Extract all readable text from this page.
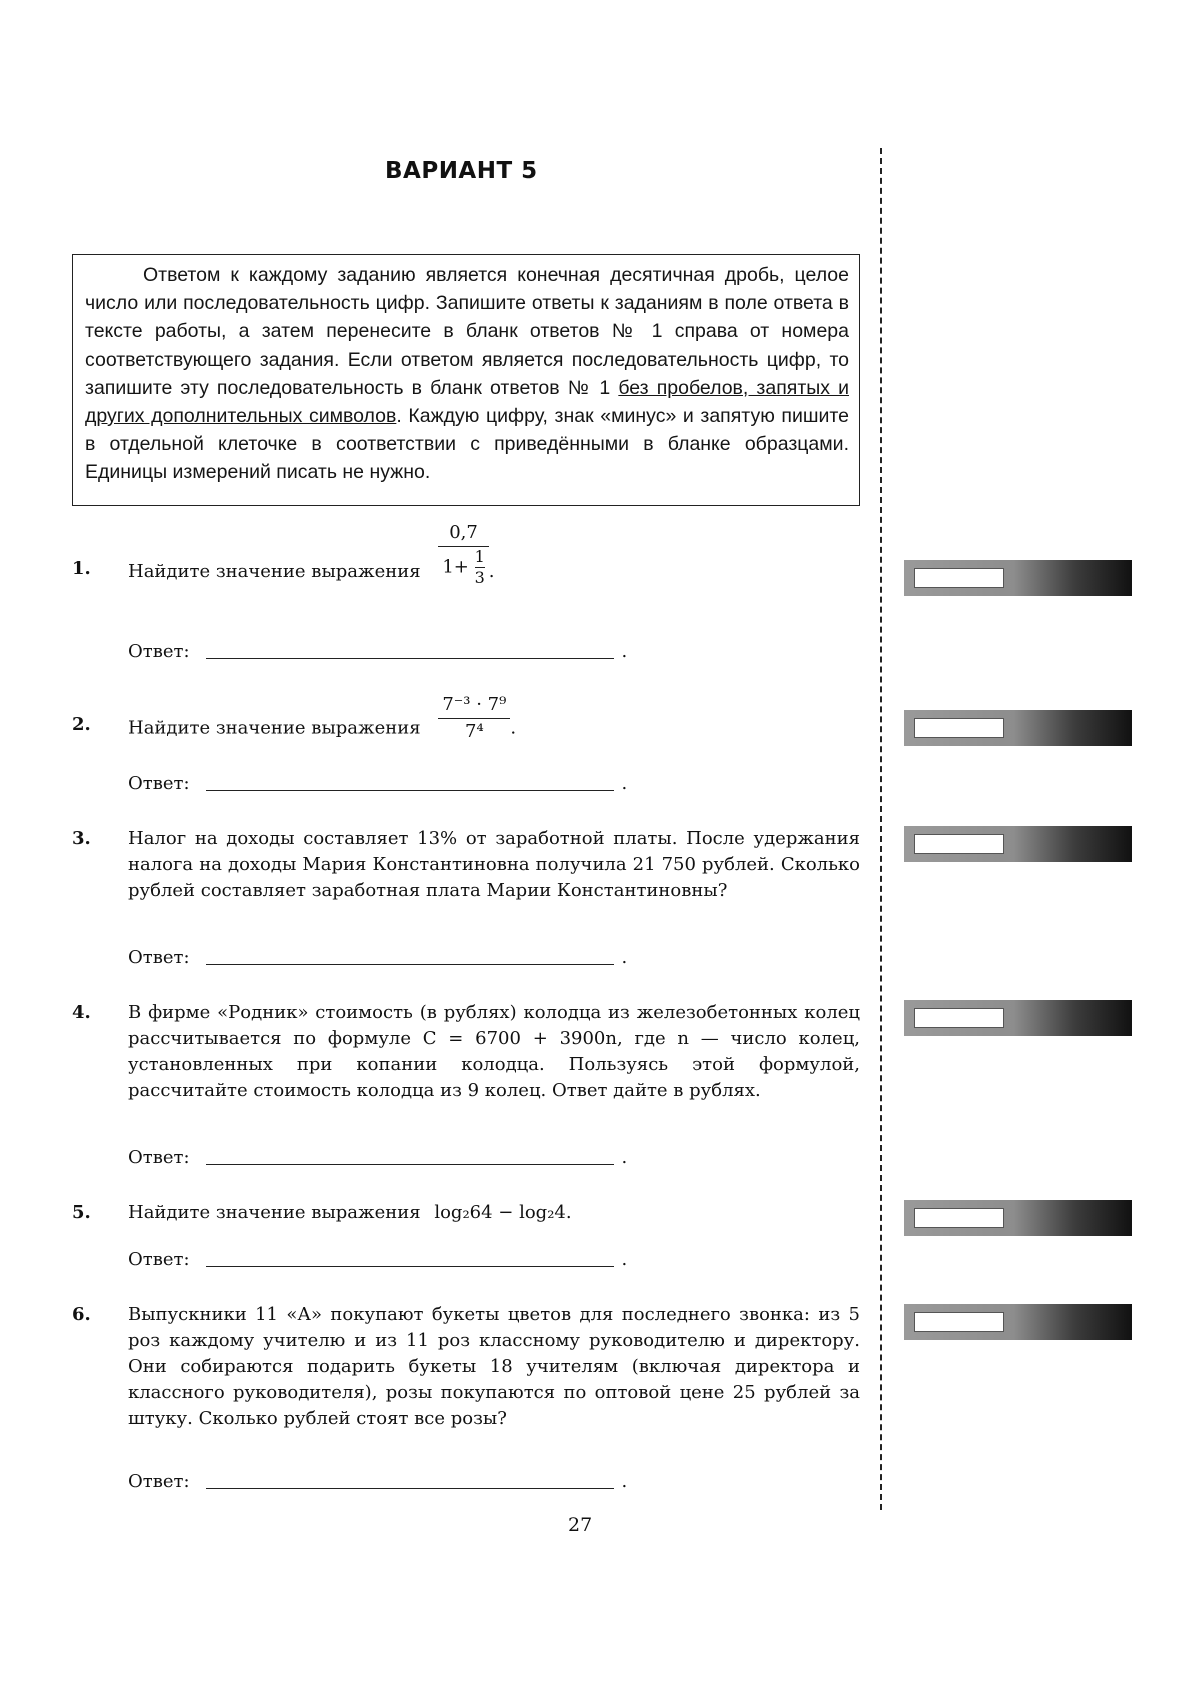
ВАРИАНТ 5

Ответом к каждому заданию является конечная десятичная дробь, целое число или последовательность цифр. Запишите ответы к заданиям в поле ответа в тексте работы, а затем перенесите в бланк ответов № 1 справа от номера соответствующего задания. Если ответом является последовательность цифр, то запишите эту последовательность в бланк ответов № 1 без пробелов, запятых и других дополнительных символов. Каждую цифру, знак «минус» и запятую пишите в отдельной клеточке в соответствии с приведёнными в бланке образцами. Единицы измерений писать не нужно.

1. Найдите значение выражения $\frac{0,7}{1+ \frac{1}{3}}$ .
Ответ:	.
2. Найдите значение выражения $\frac{\text{7⁻³ · 7⁹}}{\text{7⁴}}$ .
Ответ:	.
3. Налог на доходы составляет 13% от заработной платы. После удержания налога на доходы Мария Константиновна получила 21 750 рублей. Сколько рублей составляет заработная плата Марии Константиновны?
Ответ:	.
4. В фирме «Родник» стоимость (в рублях) колодца из железобетонных колец рассчитывается по формуле C = 6700 + 3900n, где n — число колец, установленных при копании колодца. Пользуясь этой формулой, рассчитайте стоимость колодца из 9 колец. Ответ дайте в рублях.
Ответ:	.
5. Найдите значение выражения log₂64 − log₂4.
Ответ:	.
6. Выпускники 11 «А» покупают букеты цветов для последнего звонка: из 5 роз каждому учителю и из 11 роз классному руководителю и директору. Они собираются подарить букеты 18 учителям (включая директора и классного руководителя), розы покупаются по оптовой цене 25 рублей за штуку. Сколько рублей стоят все розы?
Ответ:	.
27
